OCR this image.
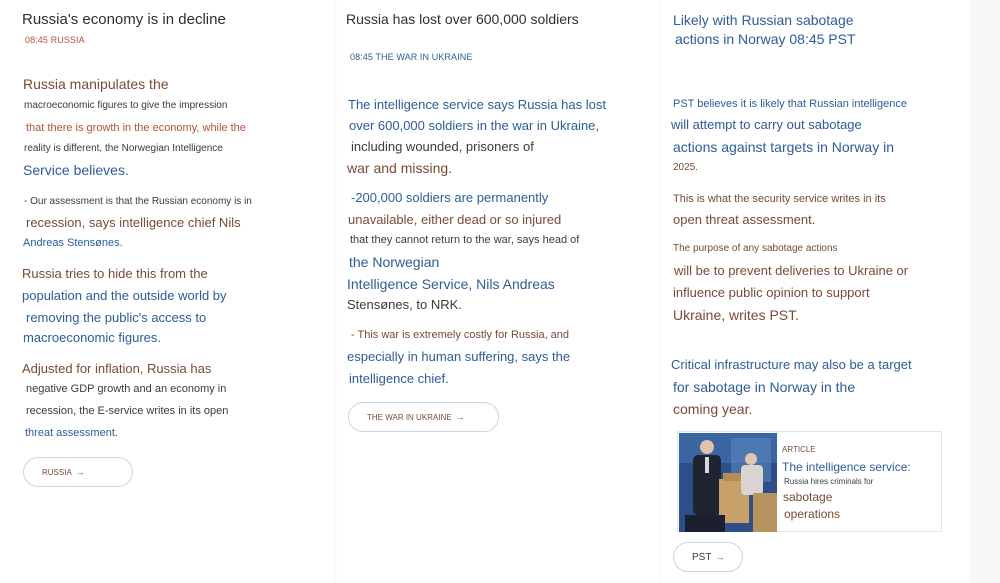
Russia's economy is in decline
08:45 RUSSIA
Russia manipulates the
macroeconomic figures to give the impression
that there is growth in the economy, while the
reality is different, the Norwegian Intelligence
Service believes.
- Our assessment is that the Russian economy is in
recession, says intelligence chief Nils
Andreas Stensønes.
Russia tries to hide this from the
population and the outside world by
removing the public's access to
macroeconomic figures.
Adjusted for inflation, Russia has
negative GDP growth and an economy in
recession, the E-service writes in its open
threat assessment.
RUSSIA →
Russia has lost over 600,000 soldiers
08:45 THE WAR IN UKRAINE
The intelligence service says Russia has lost
over 600,000 soldiers in the war in Ukraine,
including wounded, prisoners of
war and missing.
-200,000 soldiers are permanently
unavailable, either dead or so injured
that they cannot return to the war, says head of
the Norwegian
Intelligence Service, Nils Andreas
Stensønes, to NRK.
- This war is extremely costly for Russia, and
especially in human suffering, says the
intelligence chief.
THE WAR IN UKRAINE →
Likely with Russian sabotage
actions in Norway 08:45 PST
PST believes it is likely that Russian intelligence
will attempt to carry out sabotage
actions against targets in Norway in
2025.
This is what the security service writes in its
open threat assessment.
The purpose of any sabotage actions
will be to prevent deliveries to Ukraine or
influence public opinion to support
Ukraine, writes PST.
Critical infrastructure may also be a target
for sabotage in Norway in the
coming year.
ARTICLE
The intelligence service:
Russia hires criminals for
sabotage
operations
PST →
